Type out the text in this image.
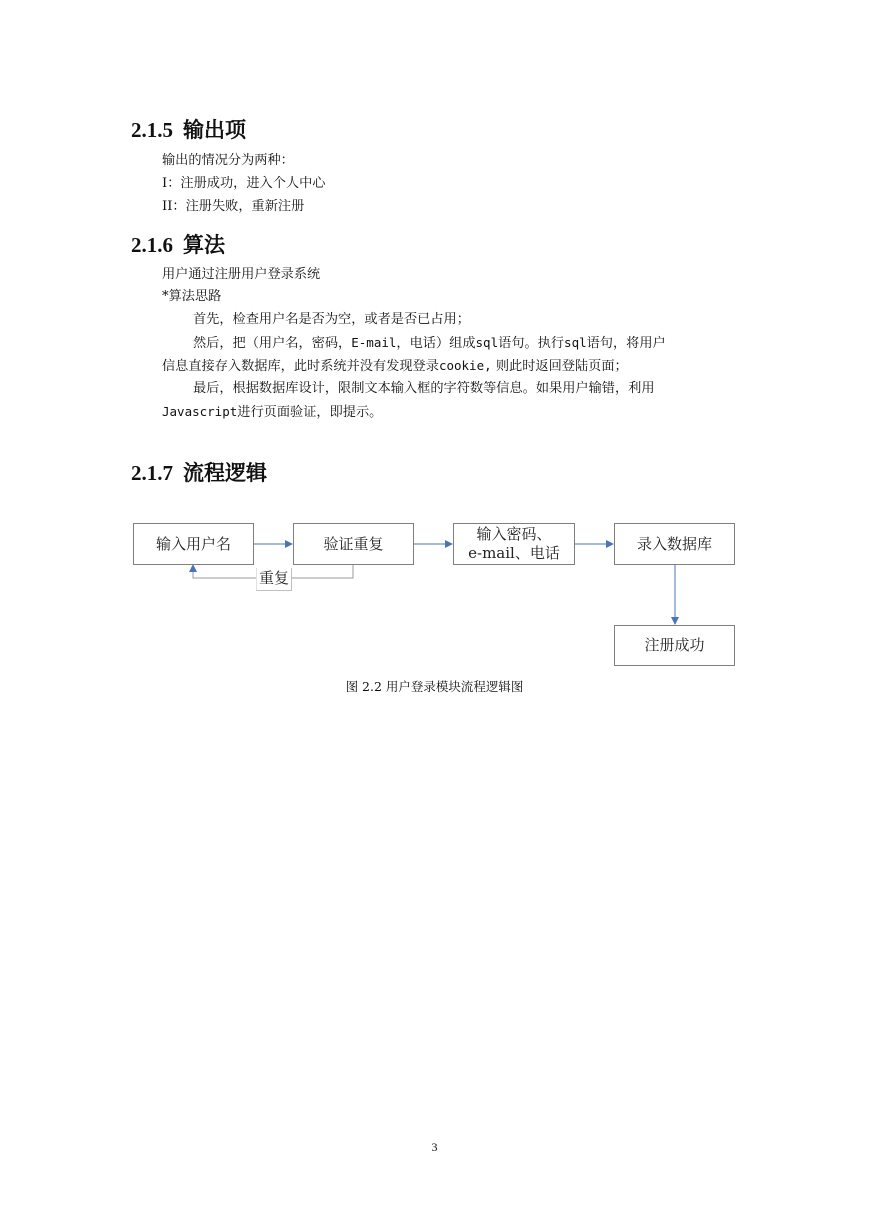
2.1.5 输出项

输出的情况分为两种：

I：注册成功，进入个人中心

II：注册失败，重新注册

2.1.6 算法

用户通过注册用户登录系统

*算法思路

首先，检查用户名是否为空，或者是否已占用；

然后，把（用户名，密码，E-mail，电话）组成sql语句。执行sql语句，将用户

信息直接存入数据库，此时系统并没有发现登录cookie, 则此时返回登陆页面；

最后，根据数据库设计，限制文本输入框的字符数等信息。如果用户输错，利用

Javascript进行页面验证，即提示。

2.1.7 流程逻辑
输入用户名	验证重复
输入密码、
e-mail、电话
录入数据库
注册成功
重复
图 2.2 用户登录模块流程逻辑图
3
